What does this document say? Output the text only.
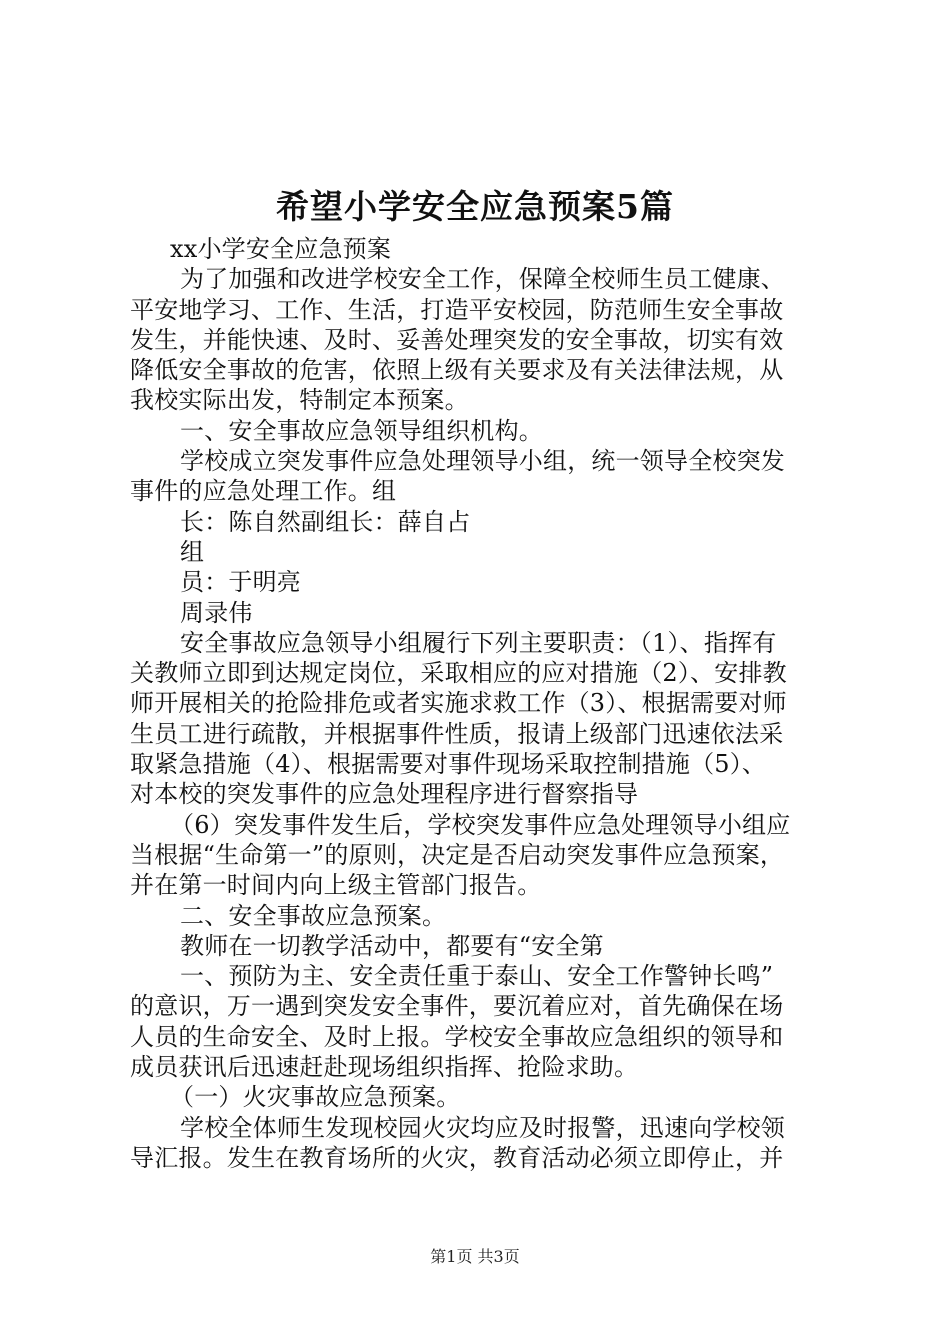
希望小学安全应急预案5篇
xx小学安全应急预案
为了加强和改进学校安全工作，保障全校师生员工健康、
平安地学习、工作、生活，打造平安校园，防范师生安全事故
发生，并能快速、及时、妥善处理突发的安全事故，切实有效
降低安全事故的危害，依照上级有关要求及有关法律法规，从
我校实际出发，特制定本预案。
一、安全事故应急领导组织机构。
学校成立突发事件应急处理领导小组，统一领导全校突发
事件的应急处理工作。组
长：陈自然副组长：薛自占
组
员：于明亮
周录伟
安全事故应急领导小组履行下列主要职责：（1）、指挥有
关教师立即到达规定岗位，采取相应的应对措施（2）、安排教
师开展相关的抢险排危或者实施求救工作（3）、根据需要对师
生员工进行疏散，并根据事件性质，报请上级部门迅速依法采
取紧急措施（4）、根据需要对事件现场采取控制措施（5）、
对本校的突发事件的应急处理程序进行督察指导
（6）突发事件发生后，学校突发事件应急处理领导小组应
当根据“生命第一”的原则，决定是否启动突发事件应急预案，
并在第一时间内向上级主管部门报告。
二、安全事故应急预案。
教师在一切教学活动中，都要有“安全第
一、预防为主、安全责任重于泰山、安全工作警钟长鸣”
的意识，万一遇到突发安全事件，要沉着应对，首先确保在场
人员的生命安全、及时上报。学校安全事故应急组织的领导和
成员获讯后迅速赶赴现场组织指挥、抢险求助。
（一）火灾事故应急预案。
学校全体师生发现校园火灾均应及时报警，迅速向学校领
导汇报。发生在教育场所的火灾，教育活动必须立即停止，并
第1页 共3页
